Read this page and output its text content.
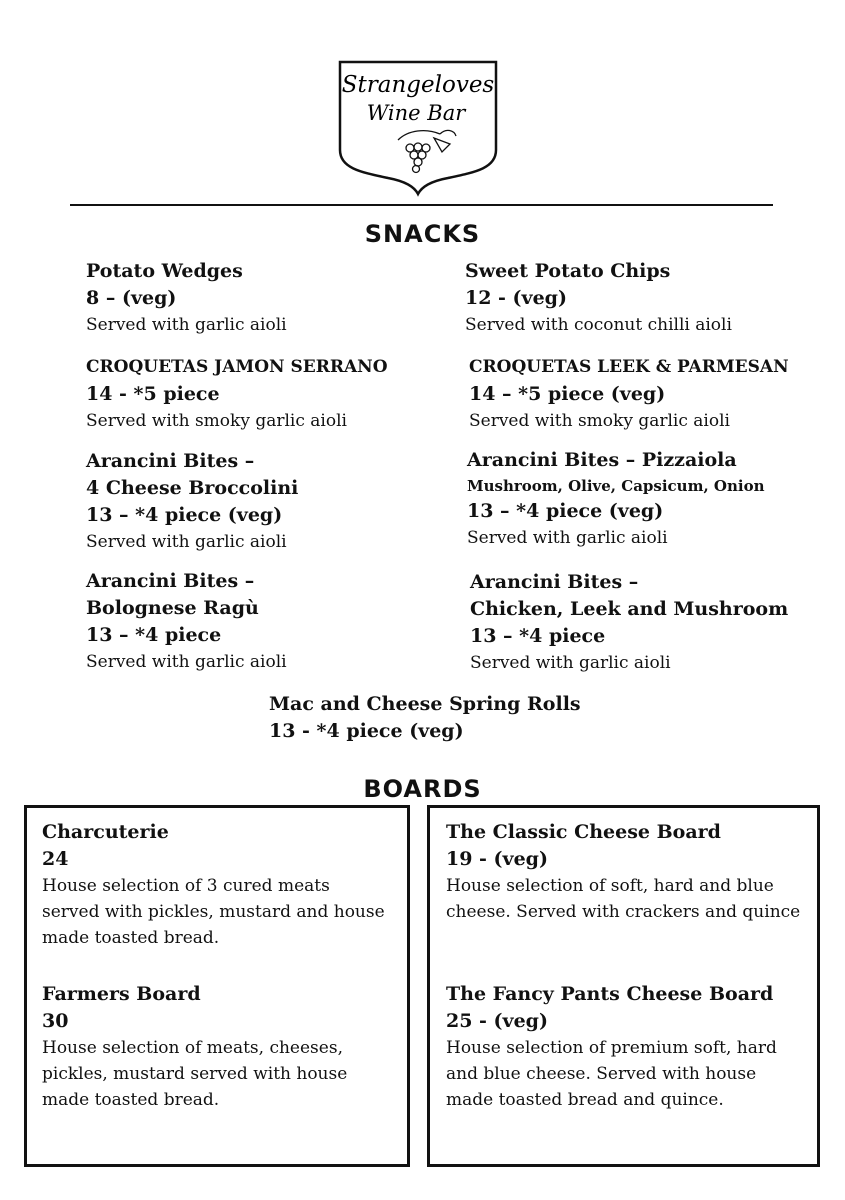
Strangeloves
Wine Bar
SNACKS
Potato Wedges
8 – (veg)
Served with garlic aioli
CROQUETAS JAMON SERRANO
14 - *5 piece
Served with smoky garlic aioli
Arancini Bites –
4 Cheese Broccolini
13 – *4 piece (veg)
Served with garlic aioli
Arancini Bites –
Bolognese Ragù
13 – *4 piece
Served with garlic aioli
Sweet Potato Chips
12 - (veg)
Served with coconut chilli aioli
CROQUETAS LEEK & PARMESAN
14 – *5 piece (veg)
Served with smoky garlic aioli
Arancini Bites – Pizzaiola
Mushroom, Olive, Capsicum, Onion
13 – *4 piece (veg)
Served with garlic aioli
Arancini Bites –
Chicken, Leek and Mushroom
13 – *4 piece
Served with garlic aioli
Mac and Cheese Spring Rolls
13 - *4 piece (veg)
BOARDS
Charcuterie
24
House selection of 3 cured meats served with pickles, mustard and house made toasted bread.
Farmers Board
30
House selection of meats, cheeses, pickles, mustard served with house made toasted bread.
The Classic Cheese Board
19 - (veg)
House selection of soft, hard and blue cheese. Served with crackers and quince
The Fancy Pants Cheese Board
25 - (veg)
House selection of premium soft, hard and blue cheese. Served with house made toasted bread and quince.
